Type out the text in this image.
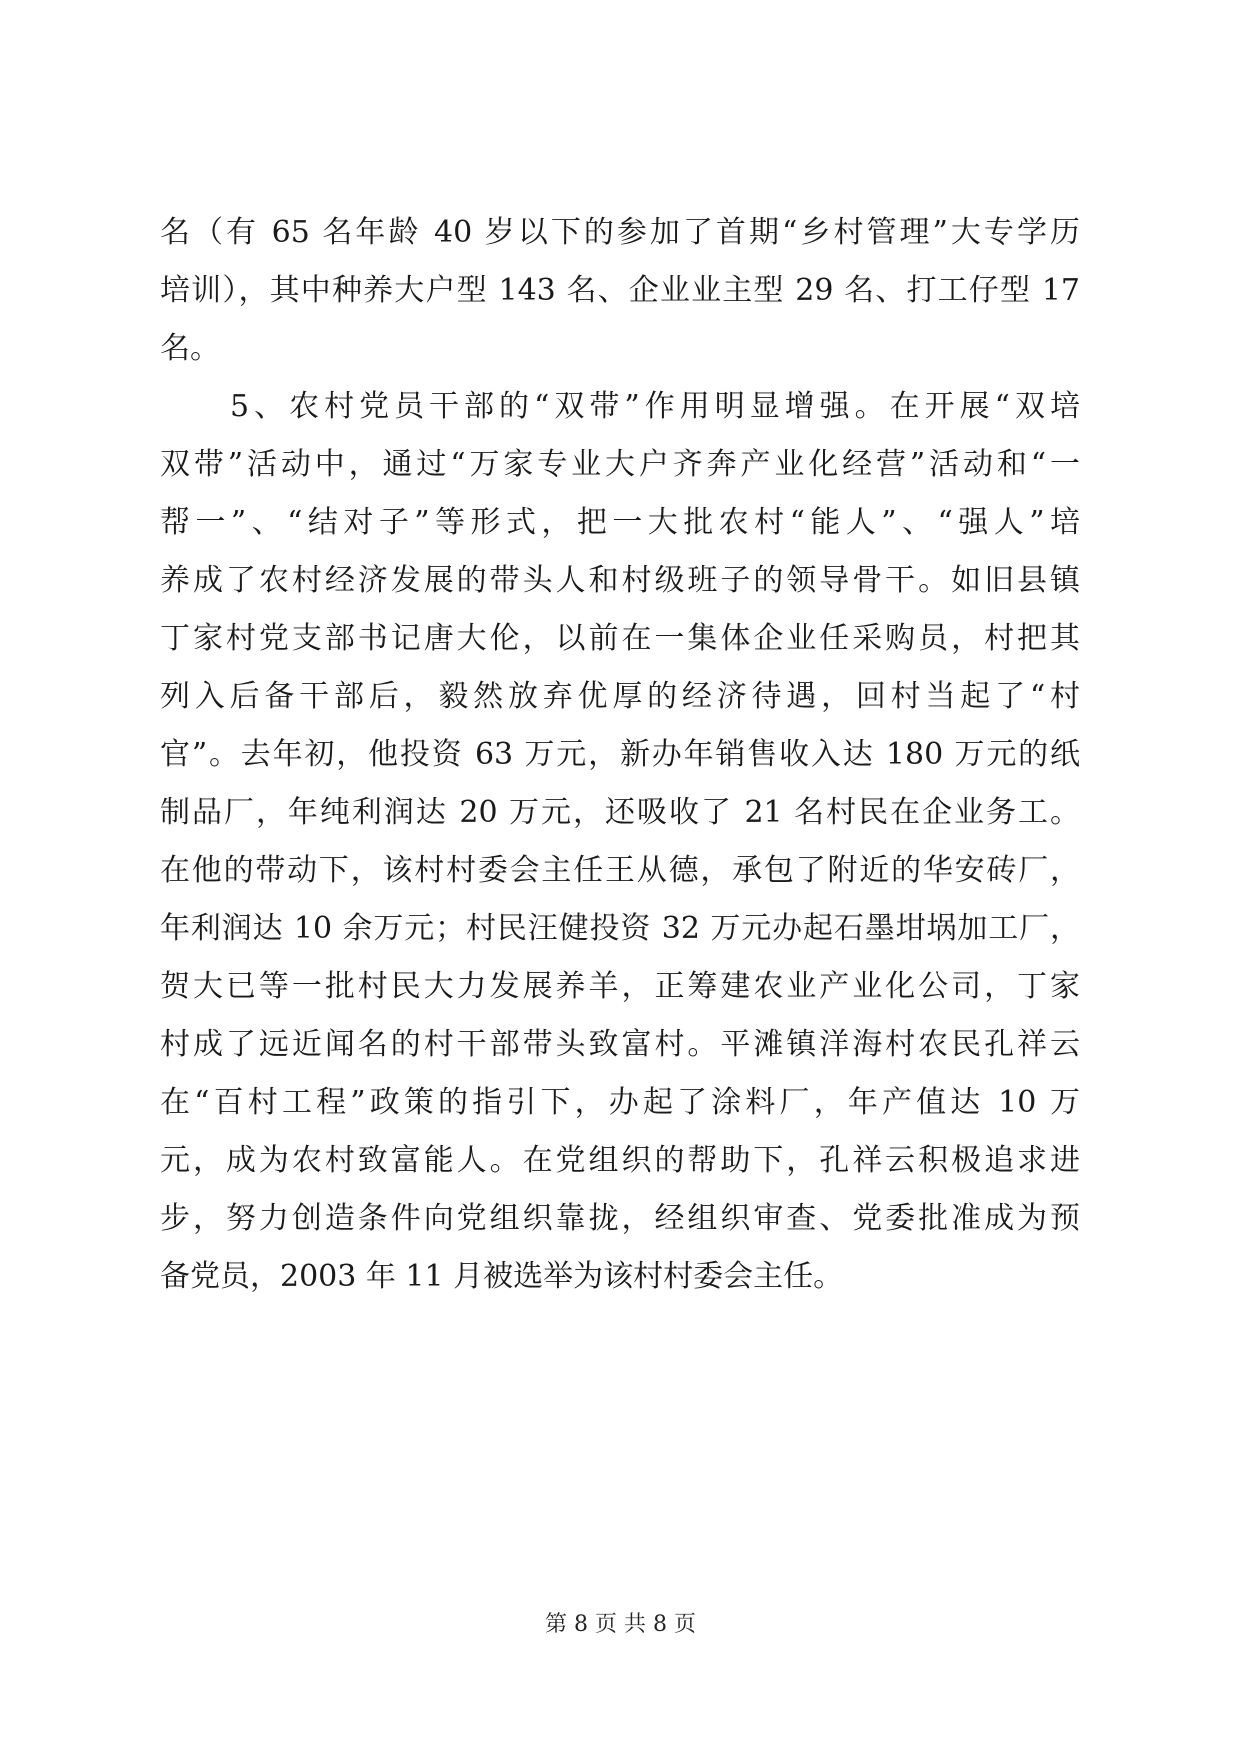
名（有 65 名年龄 40 岁以下的参加了首期“乡村管理”大专学历
培训），其中种养大户型 143 名、企业业主型 29 名、打工仔型 17
名。
5、农村党员干部的“双带”作用明显增强。在开展“双培
双带”活动中，通过“万家专业大户齐奔产业化经营”活动和“一
帮一”、“结对子”等形式，把一大批农村“能人”、“强人”培
养成了农村经济发展的带头人和村级班子的领导骨干。如旧县镇
丁家村党支部书记唐大伦，以前在一集体企业任采购员，村把其
列入后备干部后，毅然放弃优厚的经济待遇，回村当起了“村
官”。去年初，他投资 63 万元，新办年销售收入达 180 万元的纸
制品厂，年纯利润达 20 万元，还吸收了 21 名村民在企业务工。
在他的带动下，该村村委会主任王从德，承包了附近的华安砖厂，
年利润达 10 余万元；村民汪健投资 32 万元办起石墨坩埚加工厂，
贺大已等一批村民大力发展养羊，正筹建农业产业化公司，丁家
村成了远近闻名的村干部带头致富村。平滩镇洋海村农民孔祥云
在“百村工程”政策的指引下，办起了涂料厂，年产值达 10 万
元，成为农村致富能人。在党组织的帮助下，孔祥云积极追求进
步，努力创造条件向党组织靠拢，经组织审查、党委批准成为预
备党员，2003 年 11 月被选举为该村村委会主任。
第 8 页 共 8 页
